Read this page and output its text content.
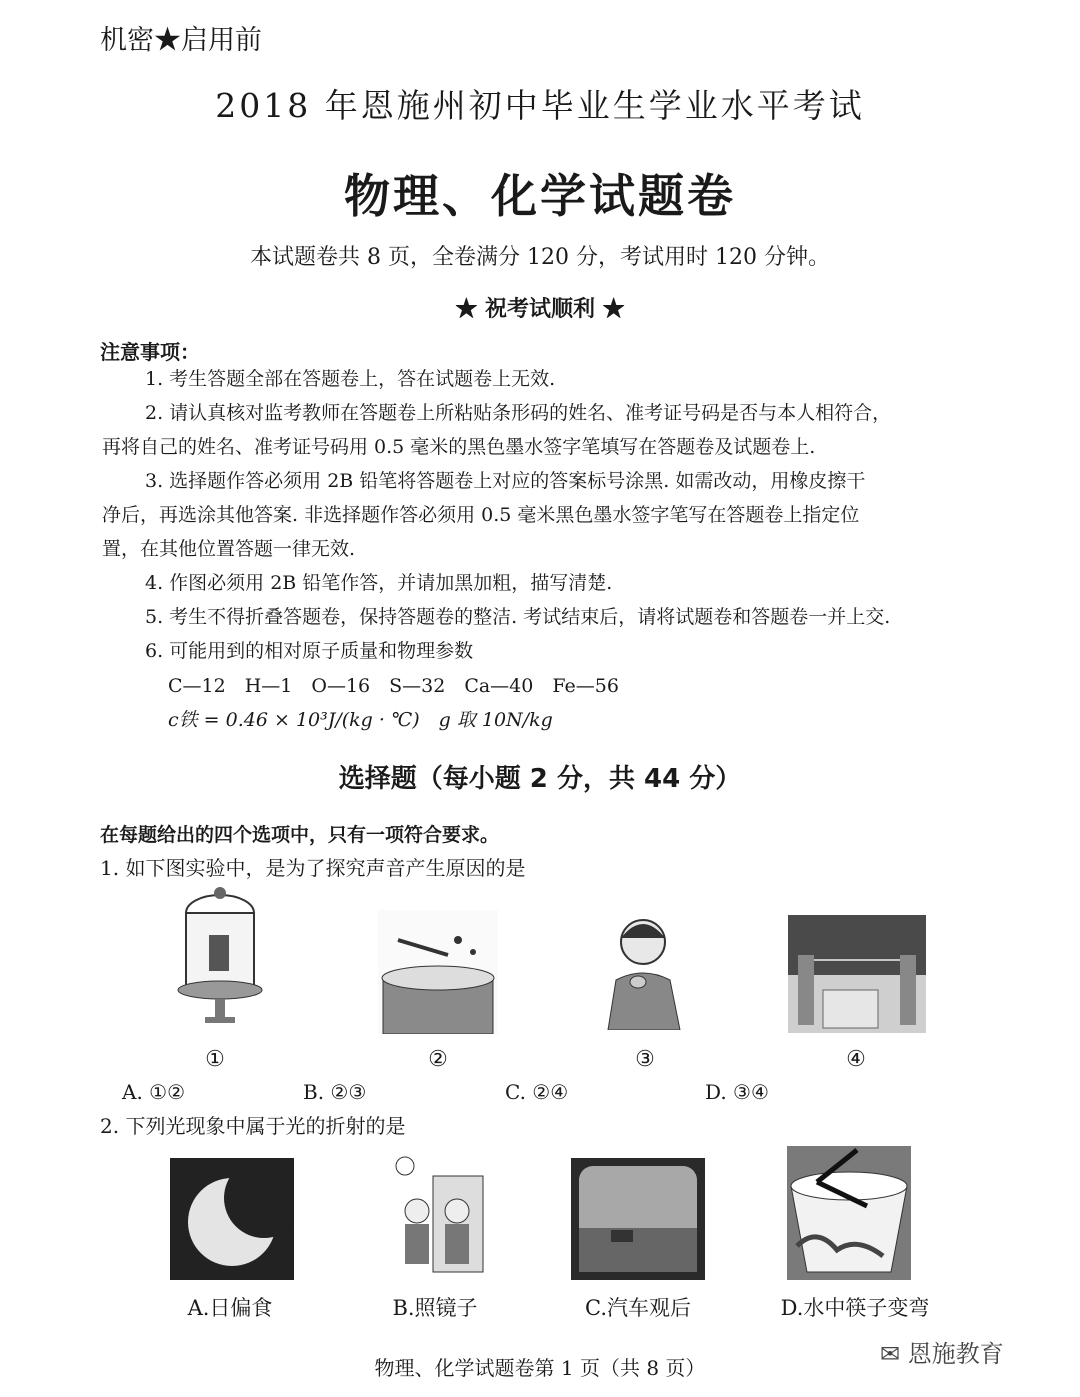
机密★启用前
2018 年恩施州初中毕业生学业水平考试
物理、化学试题卷
本试题卷共 8 页，全卷满分 120 分，考试用时 120 分钟。
★ 祝考试顺利 ★
注意事项：
1. 考生答题全部在答题卷上，答在试题卷上无效.
2. 请认真核对监考教师在答题卷上所粘贴条形码的姓名、准考证号码是否与本人相符合，
再将自己的姓名、准考证号码用 0.5 毫米的黑色墨水签字笔填写在答题卷及试题卷上.
3. 选择题作答必须用 2B 铅笔将答题卷上对应的答案标号涂黑. 如需改动，用橡皮擦干
净后，再选涂其他答案. 非选择题作答必须用 0.5 毫米黑色墨水签字笔写在答题卷上指定位
置，在其他位置答题一律无效.
4. 作图必须用 2B 铅笔作答，并请加黑加粗，描写清楚.
5. 考生不得折叠答题卷，保持答题卷的整洁. 考试结束后，请将试题卷和答题卷一并上交.
6. 可能用到的相对原子质量和物理参数
C—12　H—1　O—16　S—32　Ca—40　Fe—56
c铁 = 0.46 × 10³J/(kg · ℃)　g 取 10N/kg
选择题（每小题 2 分，共 44 分）
在每题给出的四个选项中，只有一项符合要求。
1. 如下图实验中，是为了探究声音产生原因的是
①	②	③	④
A. ①②	B. ②③	C. ②④	D. ③④
2. 下列光现象中属于光的折射的是
A.日偏食	B.照镜子	C.汽车观后	D.水中筷子变弯
物理、化学试题卷第 1 页（共 8 页）	✉ 恩施教育
